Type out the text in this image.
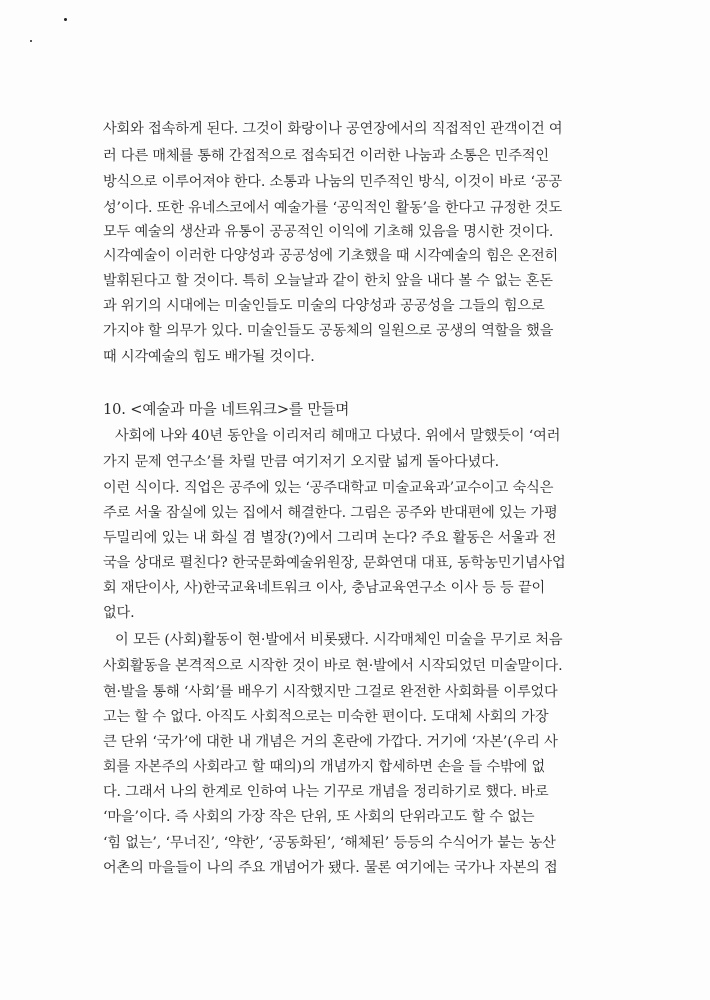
사회와 접속하게 된다. 그것이 화랑이나 공연장에서의 직접적인 관객이건 여
러 다른 매체를 통해 간접적으로 접속되건 이러한 나눔과 소통은 민주적인
방식으로 이루어져야 한다. 소통과 나눔의 민주적인 방식, 이것이 바로 ‘공공
성’이다. 또한 유네스코에서 예술가를 ‘공익적인 활동’을 한다고 규정한 것도
모두 예술의 생산과 유통이 공공적인 이익에 기초해 있음을 명시한 것이다.
시각예술이 이러한 다양성과 공공성에 기초했을 때 시각예술의 힘은 온전히
발휘된다고 할 것이다. 특히 오늘날과 같이 한치 앞을 내다 볼 수 없는 혼돈
과 위기의 시대에는 미술인들도 미술의 다양성과 공공성을 그들의 힘으로
가지야 할 의무가 있다. 미술인들도 공동체의 일원으로 공생의 역할을 했을
때 시각예술의 힘도 배가될 것이다.
10. <예술과 마을 네트워크>를 만들며
사회에 나와 40년 동안을 이리저리 헤매고 다녔다. 위에서 말했듯이 ‘여러
가지 문제 연구소’를 차릴 만큼 여기저기 오지랖 넓게 돌아다녔다.
이런 식이다. 직업은 공주에 있는 ‘공주대학교 미술교육과’교수이고 숙식은
주로 서울 잠실에 있는 집에서 해결한다. 그림은 공주와 반대편에 있는 가평
두밀리에 있는 내 화실 겸 별장(?)에서 그리며 논다? 주요 활동은 서울과 전
국을 상대로 펼친다? 한국문화예술위원장, 문화연대 대표, 동학농민기념사업
회 재단이사, 사)한국교육네트워크 이사, 충남교육연구소 이사 등 등 끝이
없다.
이 모든 (사회)활동이 현·발에서 비롯됐다. 시각매체인 미술을 무기로 처음
사회활동을 본격적으로 시작한 것이 바로 현·발에서 시작되었던 미술말이다.
현·발을 통해 ‘사회’를 배우기 시작했지만 그걸로 완전한 사회화를 이루었다
고는 할 수 없다. 아직도 사회적으로는 미숙한 편이다. 도대체 사회의 가장
큰 단위 ‘국가’에 대한 내 개념은 거의 혼란에 가깝다. 거기에 ‘자본’(우리 사
회를 자본주의 사회라고 할 때의)의 개념까지 합세하면 손을 들 수밖에 없
다. 그래서 나의 한계로 인하여 나는 기꾸로 개념을 정리하기로 했다. 바로
‘마을’이다. 즉 사회의 가장 작은 단위, 또 사회의 단위라고도 할 수 없는
‘힘 없는’, ‘무너진’, ‘약한’, ‘공동화된’, ‘해체된’ 등등의 수식어가 붙는 농산
어촌의 마을들이 나의 주요 개념어가 됐다. 물론 여기에는 국가나 자본의 접
